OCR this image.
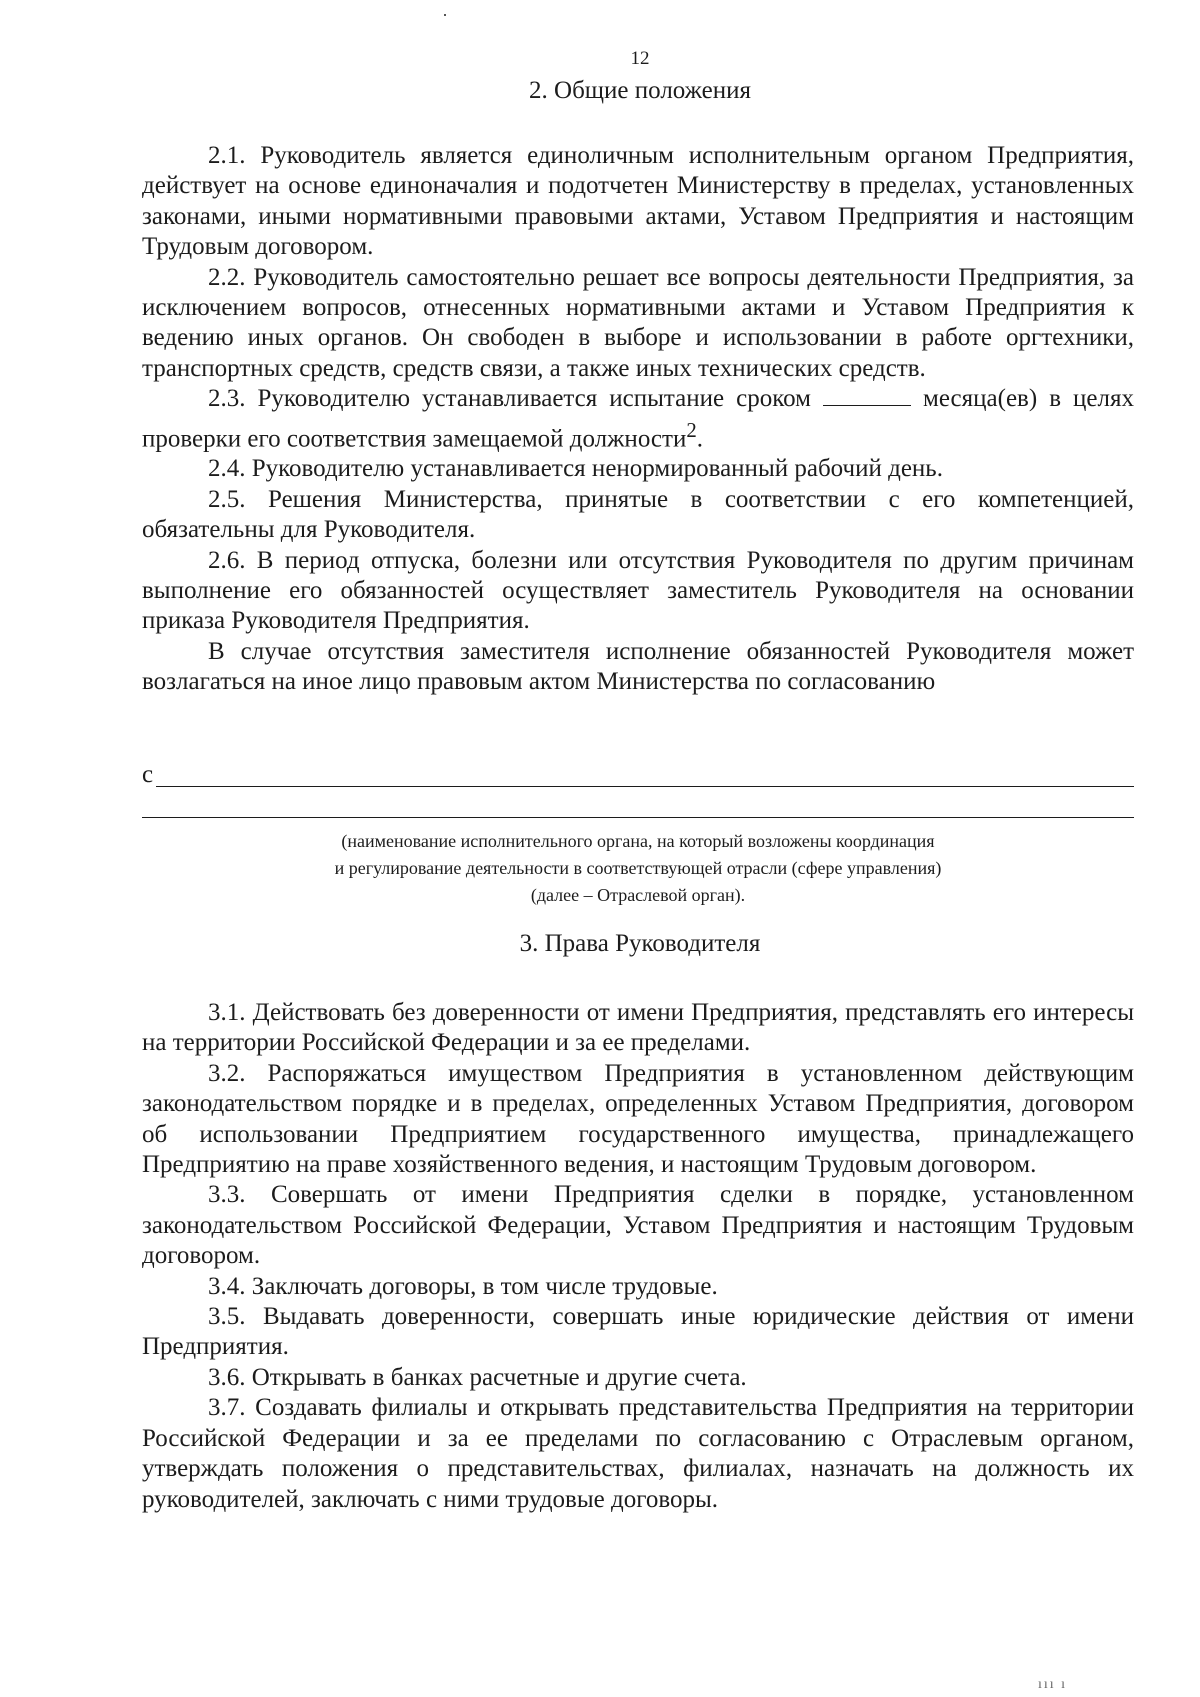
12
2. Общие положения

2.1. Руководитель является единоличным исполнительным органом Предприятия, действует на основе единоначалия и подотчетен Министерству в пределах, установленных законами, иными нормативными правовыми актами, Уставом Предприятия и настоящим Трудовым договором.

2.2. Руководитель самостоятельно решает все вопросы деятельности Предприятия, за исключением вопросов, отнесенных нормативными актами и Уставом Предприятия к ведению иных органов. Он свободен в выборе и использовании в работе оргтехники, транспортных средств, средств связи, а также иных технических средств.

2.3. Руководителю устанавливается испытание сроком	месяца(ев) в целях проверки его соответствия замещаемой должности$^2$.

2.4. Руководителю устанавливается ненормированный рабочий день.

2.5. Решения Министерства, принятые в соответствии с его компетенцией, обязательны для Руководителя.

2.6. В период отпуска, болезни или отсутствия Руководителя по другим причинам выполнение его обязанностей осуществляет заместитель Руководителя на основании приказа Руководителя Предприятия.

В случае отсутствия заместителя исполнение обязанностей Руководителя может возлагаться на иное лицо правовым актом Министерства по согласованию

с
(наименование исполнительного органа, на который возложены координация
и регулирование деятельности в соответствующей отрасли (сфере управления)
(далее – Отраслевой орган).
3. Права Руководителя

3.1. Действовать без доверенности от имени Предприятия, представлять его интересы на территории Российской Федерации и за ее пределами.

3.2. Распоряжаться имуществом Предприятия в установленном действующим законодательством порядке и в пределах, определенных Уставом Предприятия, договором об использовании Предприятием государственного имущества, принадлежащего Предприятию на праве хозяйственного ведения, и настоящим Трудовым договором.

3.3. Совершать от имени Предприятия сделки в порядке, установленном законодательством Российской Федерации, Уставом Предприятия и настоящим Трудовым договором.

3.4. Заключать договоры, в том числе трудовые.

3.5. Выдавать доверенности, совершать иные юридические действия от имени Предприятия.

3.6. Открывать в банках расчетные и другие счета.

3.7. Создавать филиалы и открывать представительства Предприятия на территории Российской Федерации и за ее пределами по согласованию с Отраслевым органом, утверждать положения о представительствах, филиалах, назначать на должность их руководителей, заключать с ними трудовые договоры.

ııı ı
